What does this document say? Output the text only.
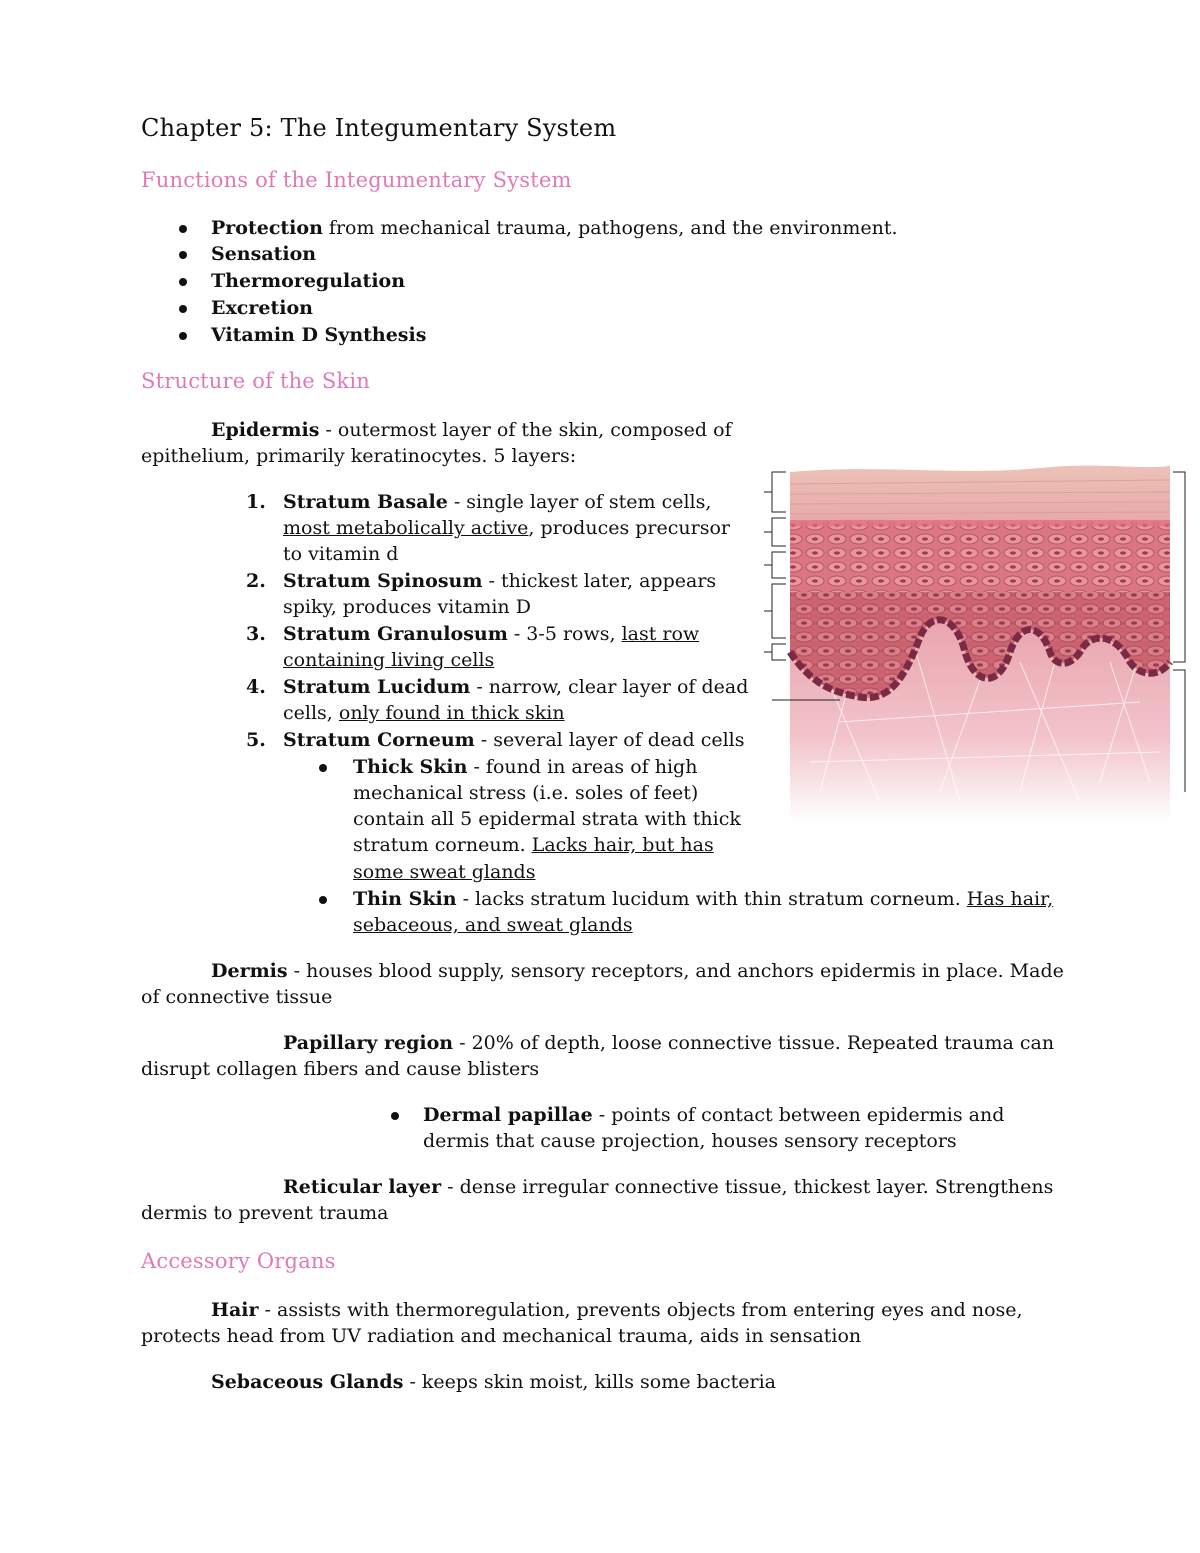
Chapter 5: The Integumentary System
Functions of the Integumentary System
Protection from mechanical trauma, pathogens, and the environment.
Sensation
Thermoregulation
Excretion
Vitamin D Synthesis
Structure of the Skin
Epidermis - outermost layer of the skin, composed of
epithelium, primarily keratinocytes. 5 layers:
1. Stratum Basale - single layer of stem cells,
most metabolically active, produces precursor
to vitamin d
2. Stratum Spinosum - thickest later, appears
spiky, produces vitamin D
3. Stratum Granulosum - 3-5 rows, last row
containing living cells
4. Stratum Lucidum - narrow, clear layer of dead
cells, only found in thick skin
5. Stratum Corneum - several layer of dead cells
Thick Skin - found in areas of high
mechanical stress (i.e. soles of feet)
contain all 5 epidermal strata with thick
stratum corneum. Lacks hair, but has
some sweat glands
Thin Skin - lacks stratum lucidum with thin stratum corneum. Has hair,
sebaceous, and sweat glands
Dermis - houses blood supply, sensory receptors, and anchors epidermis in place. Made
of connective tissue
Papillary region - 20% of depth, loose connective tissue. Repeated trauma can
disrupt collagen fibers and cause blisters
Dermal papillae - points of contact between epidermis and
dermis that cause projection, houses sensory receptors
Reticular layer - dense irregular connective tissue, thickest layer. Strengthens
dermis to prevent trauma
Accessory Organs
Hair - assists with thermoregulation, prevents objects from entering eyes and nose,
protects head from UV radiation and mechanical trauma, aids in sensation
Sebaceous Glands - keeps skin moist, kills some bacteria
